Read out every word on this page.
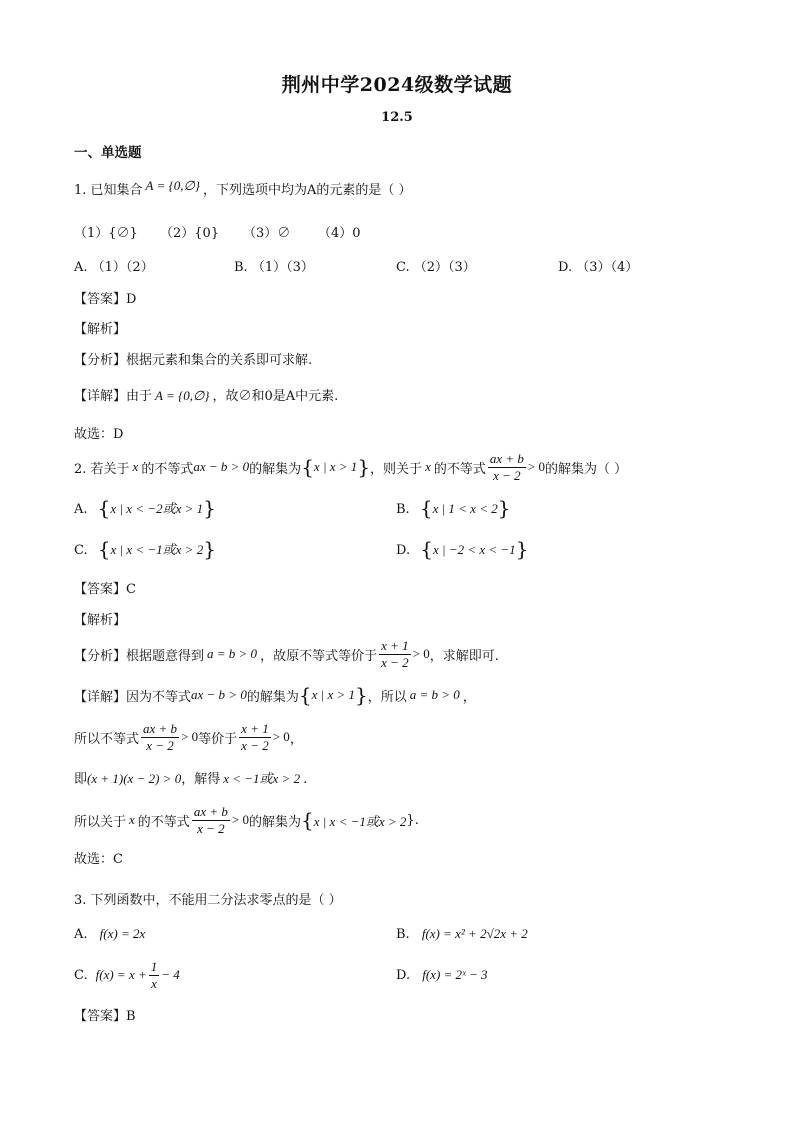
荆州中学2024级数学试题
12.5
一、单选题
1. 已知集合 A = {0,∅} ，下列选项中均为A的元素的是（ ）
（1）{∅} （2）{0} （3）∅ （4）0
A. （1）（2）	B. （1）（3）	C. （2）（3）	D. （3）（4）
【答案】D
【解析】
【分析】根据元素和集合的关系即可求解.
【详解】由于 A = {0,∅} ，故∅和0是A中元素.
故选：D
2. 若关于 x 的不等式 ax − b > 0 的解集为 { x | x > 1 } ，则关于 x 的不等式 $\frac{ax + b}{x - 2} > 0$ 的解集为（ ）
A. {x | x < −2或x > 1}	B. {x | 1 < x < 2}
C. {x | x < −1或x > 2}	D. {x | −2 < x < −1}
【答案】C
【解析】
【分析】根据题意得到 a = b > 0 ，故原不等式等价于 $\frac{x + 1}{x - 2} > 0$ ，求解即可.
【详解】因为不等式 ax − b > 0 的解集为 { x | x > 1 } ，所以 a = b > 0 ，
所以不等式 $\frac{ax + b}{x - 2} > 0$ 等价于 $\frac{x + 1}{x - 2} > 0$ ，
即(x + 1)(x − 2) > 0，解得 x < −1或x > 2 .
所以关于 x 的不等式 $\frac{ax + b}{x - 2} > 0$ 的解集为 { x | x < −1或x > 2 } .
故选：C
3. 下列函数中，不能用二分法求零点的是（ ）
A. f(x) = 2x	B. f(x) = x² + 2√2x + 2
C. $f(x) = x + \frac{1}{x} - 4$	D. f(x) = 2ˣ − 3
【答案】B
